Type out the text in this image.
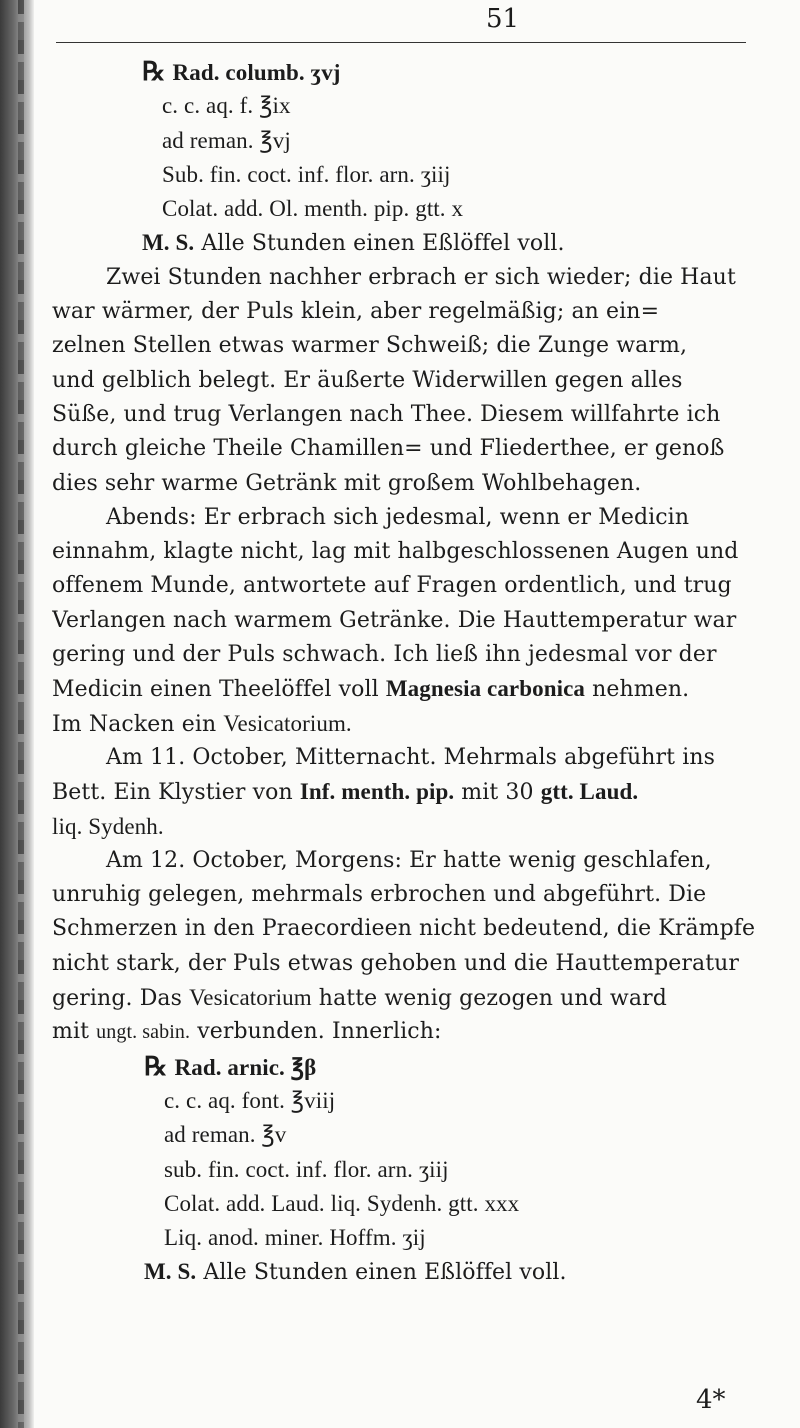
51
℞ Rad. columb. ʒvj
c. c. aq. f. ℥ix
ad reman. ℥vj
Sub. fin. coct. inf. flor. arn. ʒiij
Colat. add. Ol. menth. pip. gtt. x
M. S. Alle Stunden einen Eßlöffel voll.
Zwei Stunden nachher erbrach er sich wieder; die Haut
war wärmer, der Puls klein, aber regelmäßig; an ein=
zelnen Stellen etwas warmer Schweiß; die Zunge warm,
und gelblich belegt. Er äußerte Widerwillen gegen alles
Süße, und trug Verlangen nach Thee. Diesem willfahrte ich
durch gleiche Theile Chamillen= und Fliederthee, er genoß
dies sehr warme Getränk mit großem Wohlbehagen.
Abends: Er erbrach sich jedesmal, wenn er Medicin
einnahm, klagte nicht, lag mit halbgeschlossenen Augen und
offenem Munde, antwortete auf Fragen ordentlich, und trug
Verlangen nach warmem Getränke. Die Hauttemperatur war
gering und der Puls schwach. Ich ließ ihn jedesmal vor der
Medicin einen Theelöffel voll Magnesia carbonica nehmen.
Im Nacken ein Vesicatorium.
Am 11. October, Mitternacht. Mehrmals abgeführt ins
Bett. Ein Klystier von Inf. menth. pip. mit 30 gtt. Laud.
liq. Sydenh.
Am 12. October, Morgens: Er hatte wenig geschlafen,
unruhig gelegen, mehrmals erbrochen und abgeführt. Die
Schmerzen in den Praecordieen nicht bedeutend, die Krämpfe
nicht stark, der Puls etwas gehoben und die Hauttemperatur
gering. Das Vesicatorium hatte wenig gezogen und ward
mit ungt. sabin. verbunden. Innerlich:
℞ Rad. arnic. ℥β
c. c. aq. font. ℥viij
ad reman. ℥v
sub. fin. coct. inf. flor. arn. ʒiij
Colat. add. Laud. liq. Sydenh. gtt. xxx
Liq. anod. miner. Hoffm. ʒij
M. S. Alle Stunden einen Eßlöffel voll.
4*
